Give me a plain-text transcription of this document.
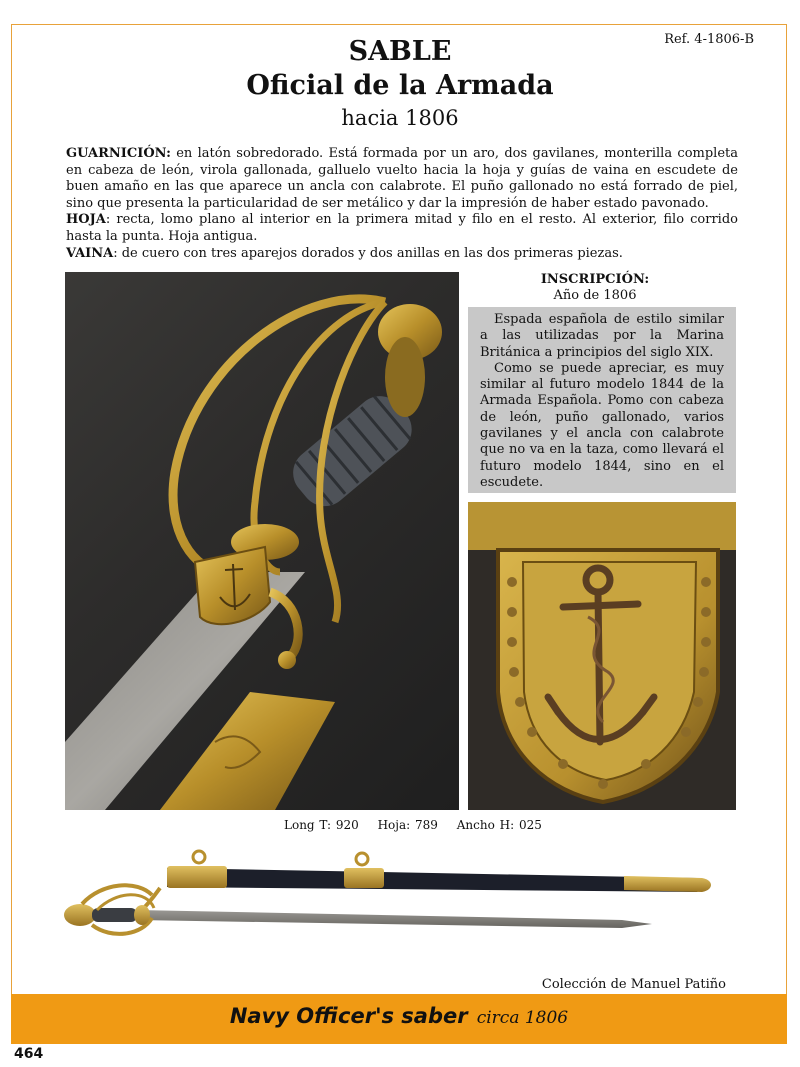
Ref. 4-1806-B
SABLE
Oficial de la Armada
hacia 1806

GUARNICIÓN: en latón sobredorado. Está formada por un aro, dos gavilanes, monterilla completa en cabeza de león, virola gallonada, galluelo vuelto hacia la hoja y guías de vaina en escudete de buen amaño en las que aparece un ancla con calabrote. El puño gallonado no está forrado de piel, sino que presenta la particularidad de ser metálico y dar la impresión de haber estado pavonado.

HOJA: recta, lomo plano al interior en la primera mitad y filo en el resto. Al exterior, filo corrido hasta la punta. Hoja antigua.

VAINA: de cuero con tres aparejos dorados y dos anillas en las dos primeras piezas.

INSCRIPCIÓN:
Año de 1806

Espada española de estilo similar a las utilizadas por la Marina Británica a principios del siglo XIX.

Como se puede apreciar, es muy similar al futuro modelo 1844 de la Armada Española. Pomo con cabeza de león, puño gallonado, varios gavilanes y el ancla con calabrote que no va en la taza, como llevará el futuro modelo 1844, sino en el escudete.

Long T: 920 Hoja: 789 Ancho H: 025
Colección de Manuel Patiño
Navy Officer's saber circa 1806
464
